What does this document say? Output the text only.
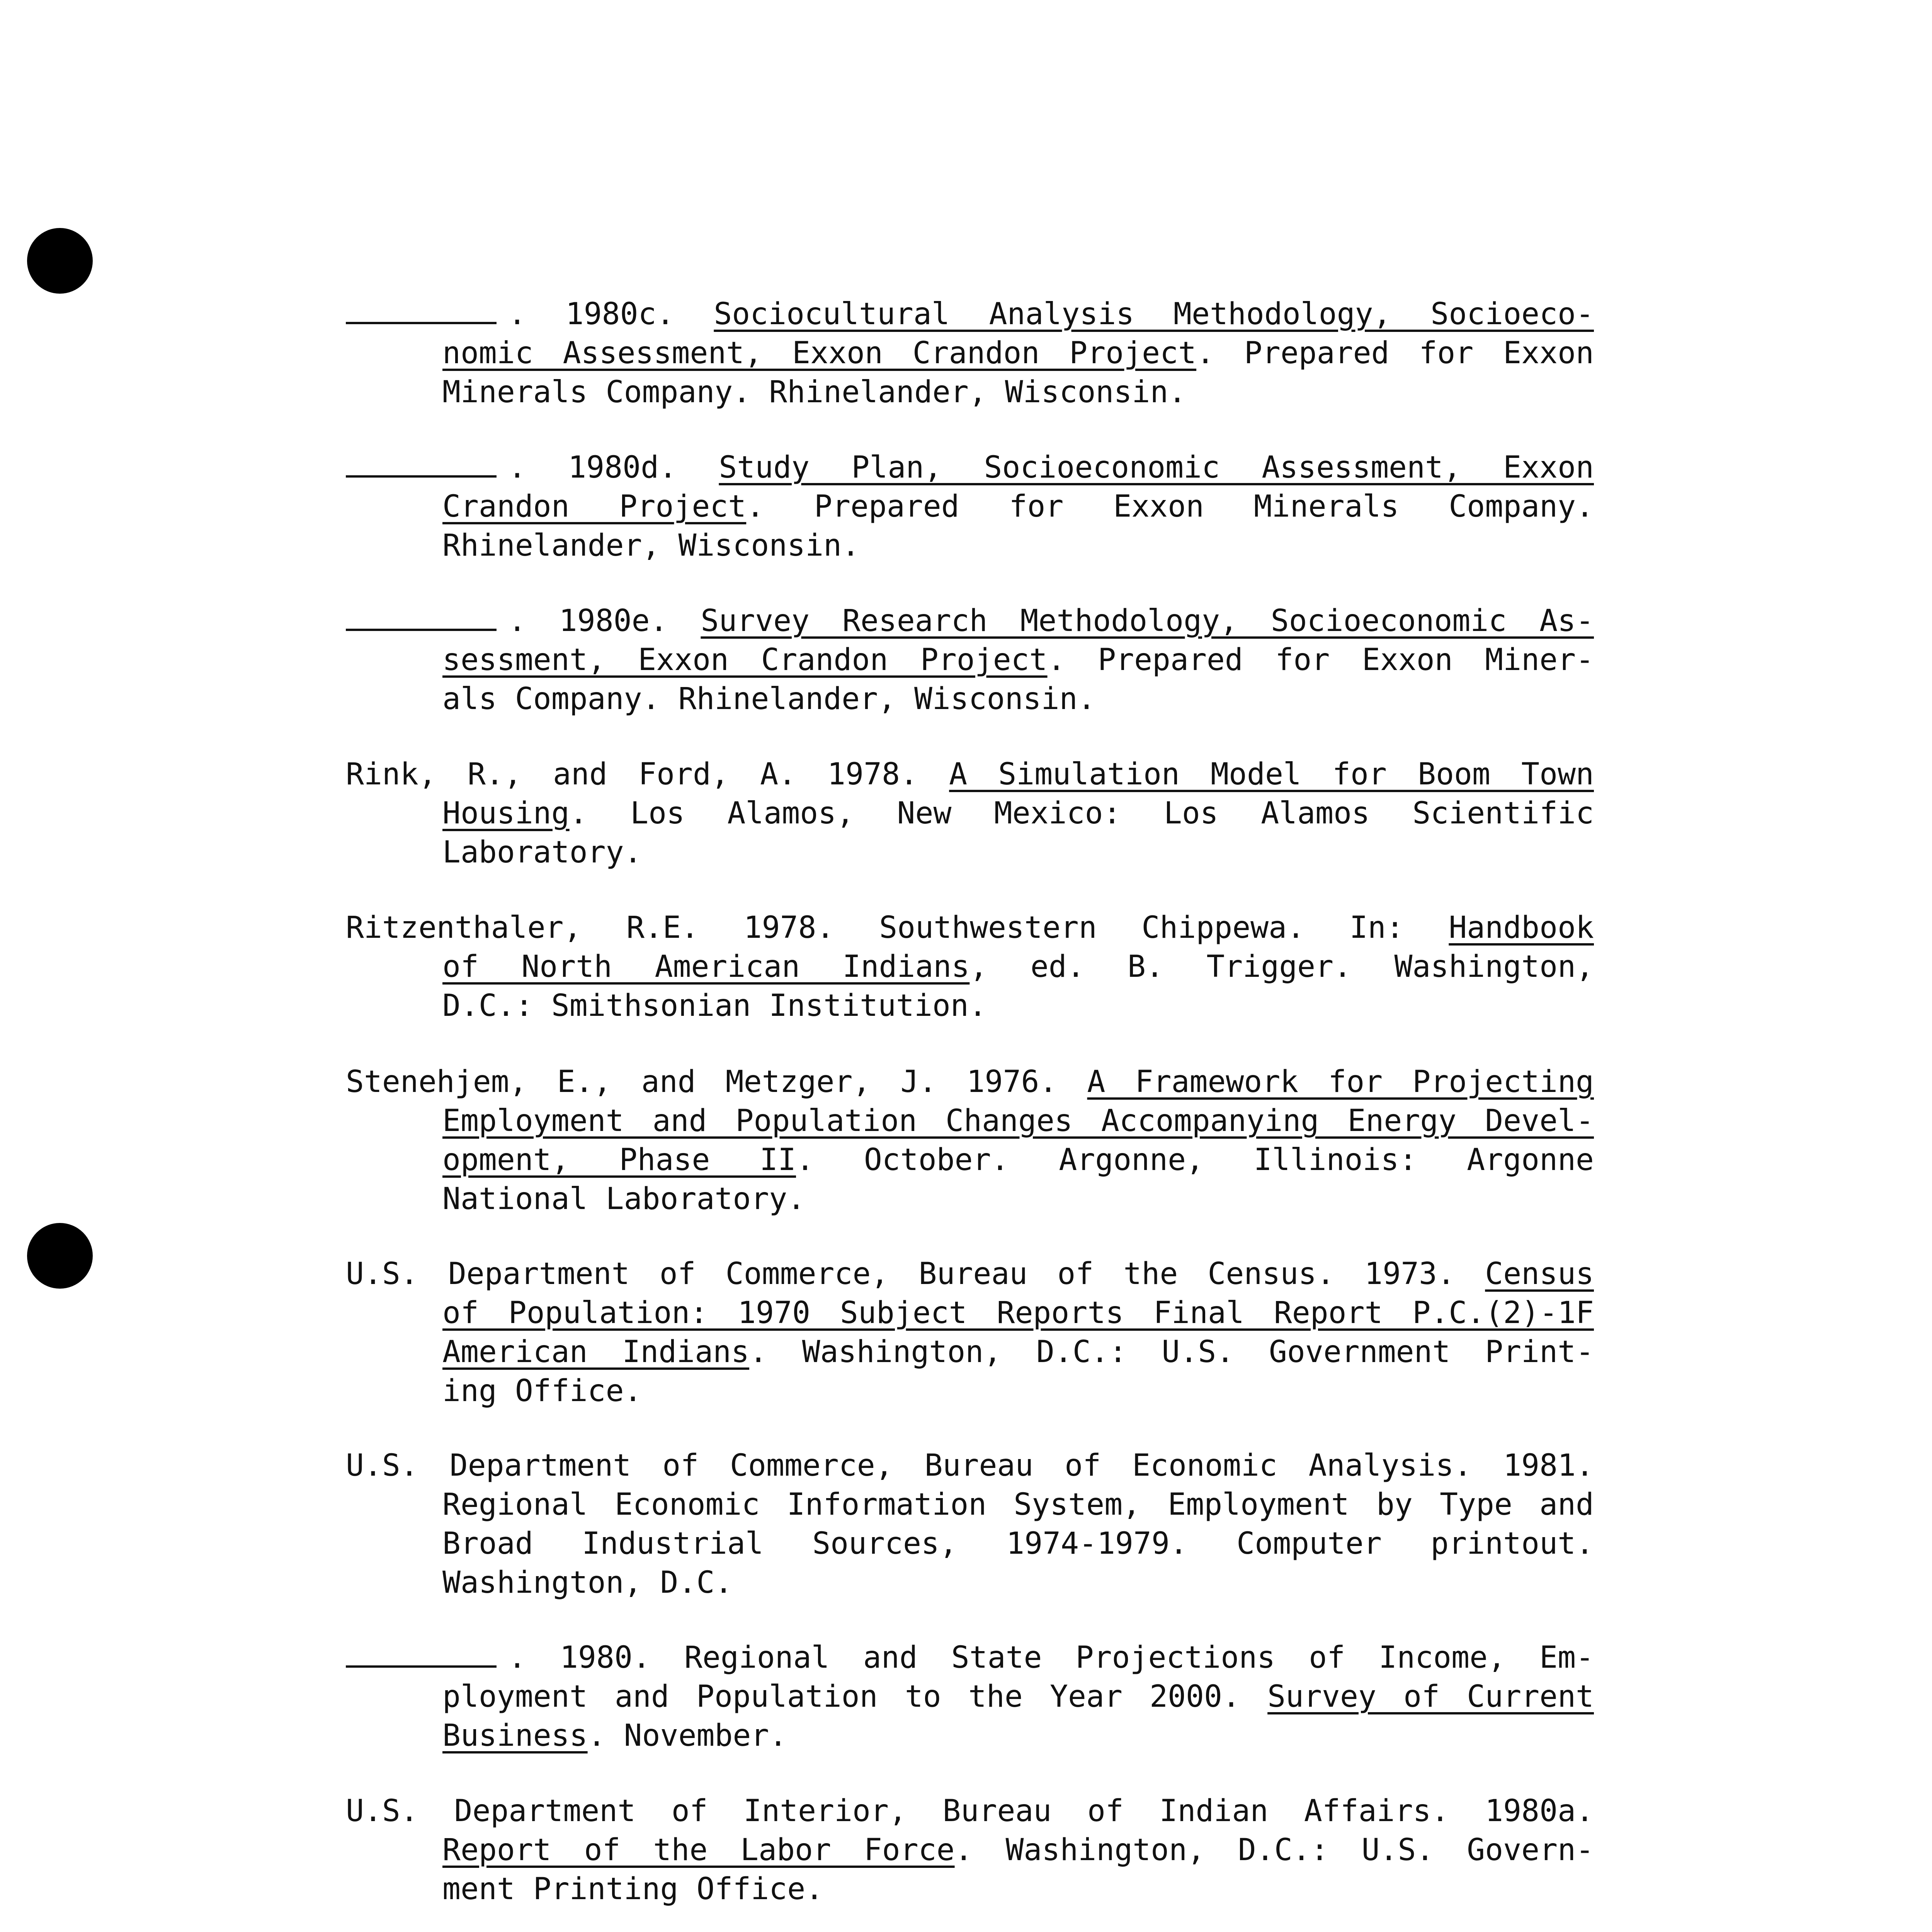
. 1980c. Sociocultural Analysis Methodology, Socioeco-
nomic Assessment, Exxon Crandon Project. Prepared for Exxon
Minerals Company. Rhinelander, Wisconsin.
. 1980d. Study Plan, Socioeconomic Assessment, Exxon
Crandon Project. Prepared for Exxon Minerals Company.
Rhinelander, Wisconsin.
. 1980e. Survey Research Methodology, Socioeconomic As-
sessment, Exxon Crandon Project. Prepared for Exxon Miner-
als Company. Rhinelander, Wisconsin.
Rink, R., and Ford, A. 1978. A Simulation Model for Boom Town
Housing. Los Alamos, New Mexico: Los Alamos Scientific
Laboratory.
Ritzenthaler, R.E. 1978. Southwestern Chippewa. In: Handbook
of North American Indians, ed. B. Trigger. Washington,
D.C.: Smithsonian Institution.
Stenehjem, E., and Metzger, J. 1976. A Framework for Projecting
Employment and Population Changes Accompanying Energy Devel-
opment, Phase II. October. Argonne, Illinois: Argonne
National Laboratory.
U.S. Department of Commerce, Bureau of the Census. 1973. Census
of Population: 1970 Subject Reports Final Report P.C.(2)-1F
American Indians. Washington, D.C.: U.S. Government Print-
ing Office.
U.S. Department of Commerce, Bureau of Economic Analysis. 1981.
Regional Economic Information System, Employment by Type and
Broad Industrial Sources, 1974-1979. Computer printout.
Washington, D.C.
. 1980. Regional and State Projections of Income, Em-
ployment and Population to the Year 2000. Survey of Current
Business. November.
U.S. Department of Interior, Bureau of Indian Affairs. 1980a.
Report of the Labor Force. Washington, D.C.: U.S. Govern-
ment Printing Office.
